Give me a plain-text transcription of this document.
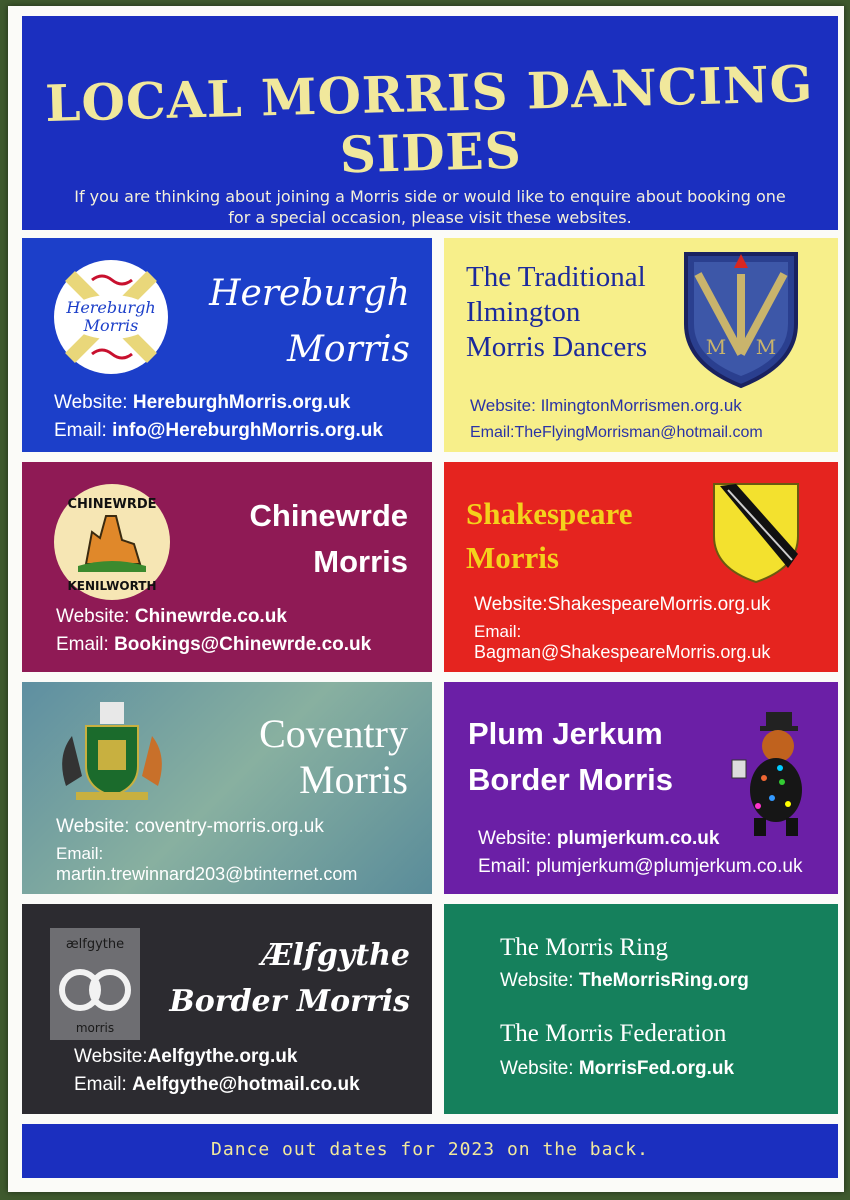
LOCAL MORRIS DANCING SIDES
If you are thinking about joining a Morris side or would like to enquire about booking one for a special occasion, please visit these websites.
Hereburgh
Morris
Hereburgh
Morris
Website: HereburghMorris.org.uk
Email: info@HereburghMorris.org.uk
The Traditional
Ilmington
Morris Dancers	M M
Website: IlmingtonMorrismen.org.uk
Email:TheFlyingMorrisman@hotmail.com
CHINEWRDE
KENILWORTH
Chinewrde
Morris
Website: Chinewrde.co.uk
Email: Bookings@Chinewrde.co.uk
Shakespeare
Morris
Website:ShakespeareMorris.org.uk
Email:
Bagman@ShakespeareMorris.org.uk
Coventry
Morris
Website: coventry-morris.org.uk
Email:
martin.trewinnard203@btinternet.com
Plum Jerkum
Border Morris
Website: plumjerkum.co.uk
Email: plumjerkum@plumjerkum.co.uk
ælfgythe
morris
Ælfgythe
Border Morris
Website:Aelfgythe.org.uk
Email: Aelfgythe@hotmail.co.uk
The Morris Ring
Website: TheMorrisRing.org
The Morris Federation
Website: MorrisFed.org.uk
Dance out dates for 2023 on the back.
